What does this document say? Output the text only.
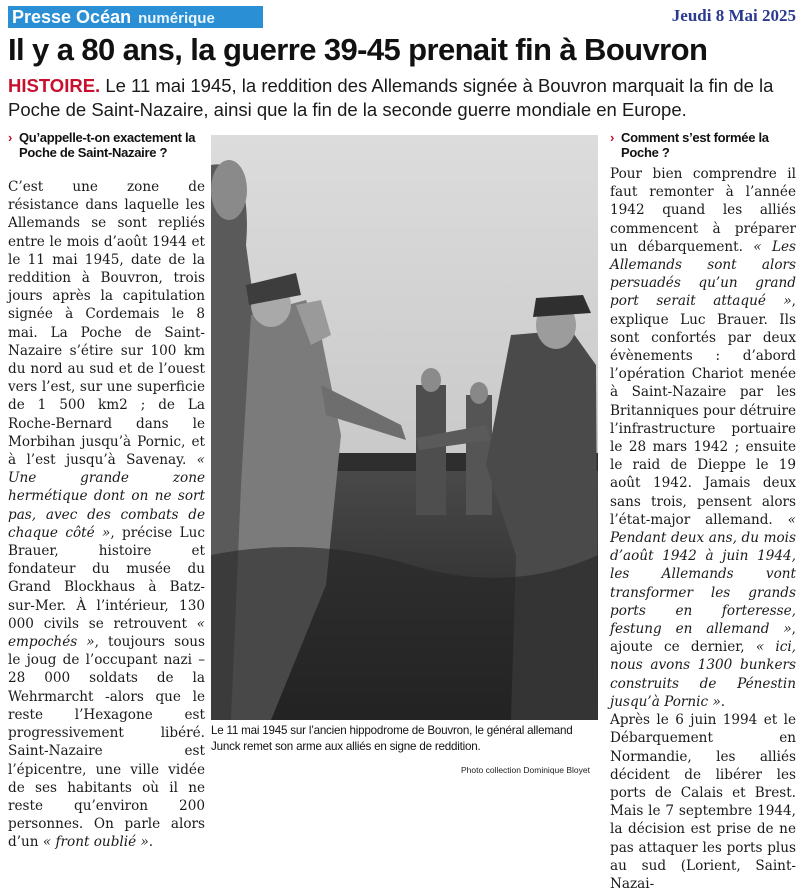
Presse Océan numérique	Jeudi 8 Mai 2025
Il y a 80 ans, la guerre 39-45 prenait fin à Bouvron
HISTOIRE. Le 11 mai 1945, la reddition des Allemands signée à Bouvron marquait la fin de la Poche de Saint-Nazaire, ainsi que la fin de la seconde guerre mondiale en Europe.
› Qu’appelle-t-on exactement la Poche de Saint-Nazaire ?

C’est une zone de résistance dans laquelle les Allemands se sont repliés entre le mois d’août 1944 et le 11 mai 1945, date de la reddition à Bouvron, trois jours après la capitulation signée à Cordemais le 8 mai. La Poche de Saint-Nazaire s’étire sur 100 km du nord au sud et de l’ouest vers l’est, sur une superficie de 1 500 km2 ; de La Roche-Bernard dans le Morbihan jusqu’à Pornic, et à l’est jusqu’à Savenay. « Une grande zone hermétique dont on ne sort pas, avec des combats de chaque côté », précise Luc Brauer, histoire et fondateur du musée du Grand Blockhaus à Batz-sur-Mer. À l’intérieur, 130 000 civils se retrouvent « empochés », toujours sous le joug de l’occupant nazi – 28 000 soldats de la Wehrmarcht -alors que le reste l’Hexagone est progressivement libéré. Saint-Nazaire est l’épicentre, une ville vidée de ses habitants où il ne reste qu’environ 200 personnes. On parle alors d’un « front oublié ».

Le 11 mai 1945 sur l’ancien hippodrome de Bouvron, le général allemand Junck remet son arme aux alliés en signe de reddition.
Photo collection Dominique Bloyet
› Comment s’est formée la Poche ?

Pour bien comprendre il faut remonter à l’année 1942 quand les alliés commencent à préparer un débarquement. « Les Allemands sont alors persuadés qu’un grand port serait attaqué », explique Luc Brauer. Ils sont confortés par deux évènements : d’abord l’opération Chariot menée à Saint-Nazaire par les Britanniques pour détruire l’infrastructure portuaire le 28 mars 1942 ; ensuite le raid de Dieppe le 19 août 1942. Jamais deux sans trois, pensent alors l’état-major allemand. « Pendant deux ans, du mois d’août 1942 à juin 1944, les Allemands vont transformer les grands ports en forteresse, festung en allemand », ajoute ce dernier, « ici, nous avons 1300 bunkers construits de Pénestin jusqu’à Pornic ».

Après le 6 juin 1994 et le Débarquement en Normandie, les alliés décident de libérer les ports de Calais et Brest. Mais le 7 septembre 1944, la décision est prise de ne pas attaquer les ports plus au sud (Lorient, Saint-Nazai-
